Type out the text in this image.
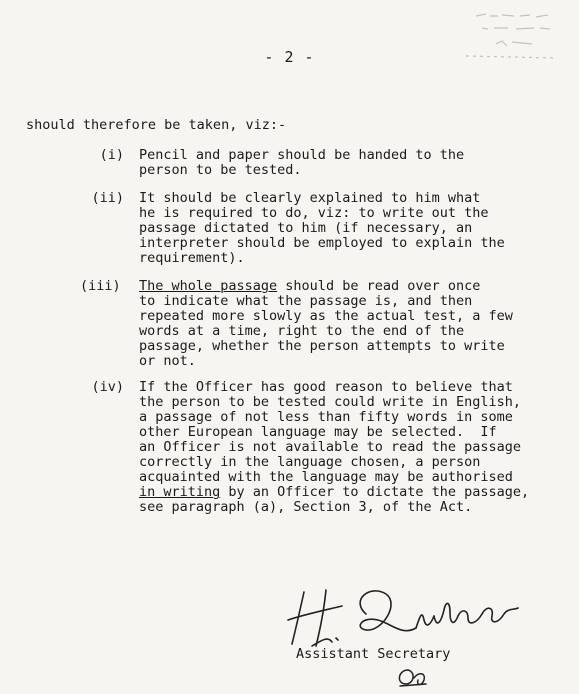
- 2 -
should therefore be taken, viz:-
(i) Pencil and paper should be handed to the
person to be tested.
(ii) It should be clearly explained to him what
he is required to do, viz: to write out the
passage dictated to him (if necessary, an
interpreter should be employed to explain the
requirement).
(iii) The whole passage should be read over once
to indicate what the passage is, and then
repeated more slowly as the actual test, a few
words at a time, right to the end of the
passage, whether the person attempts to write
or not.
(iv) If the Officer has good reason to believe that
the person to be tested could write in English,
a passage of not less than fifty words in some
other European language may be selected.  If
an Officer is not available to read the passage
correctly in the language chosen, a person
acquainted with the language may be authorised
in writing by an Officer to dictate the passage,
see paragraph (a), Section 3, of the Act.
Assistant Secretary
